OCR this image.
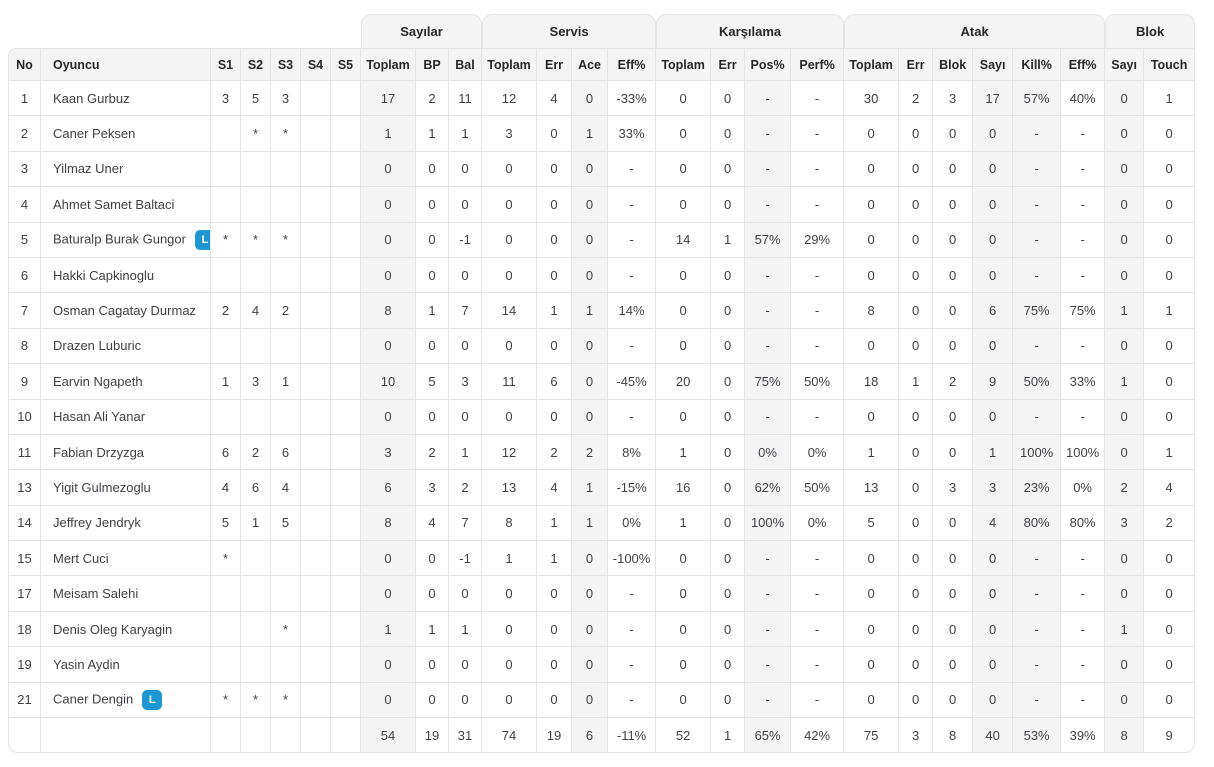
							Sayılar			Servis				Karşılama				Atak						Blok	
No	Oyuncu	S1	S2	S3	S4	S5	Toplam	BP	Bal	Toplam	Err	Ace	Eff%	Toplam	Err	Pos%	Perf%	Toplam	Err	Blok	Sayı	Kill%	Eff%	Sayı	Touch
1	Kaan Gurbuz	3	5	3			17	2	11	12	4	0	-33%	0	0	-	-	30	2	3	17	57%	40%	0	1
2	Caner Peksen		*	*			1	1	1	3	0	1	33%	0	0	-	-	0	0	0	0	-	-	0	0
3	Yilmaz Uner						0	0	0	0	0	0	-	0	0	-	-	0	0	0	0	-	-	0	0
4	Ahmet Samet Baltaci						0	0	0	0	0	0	-	0	0	-	-	0	0	0	0	-	-	0	0
5	Baturalp Burak Gungor L	*	*	*			0	0	-1	0	0	0	-	14	1	57%	29%	0	0	0	0	-	-	0	0
6	Hakki Capkinoglu						0	0	0	0	0	0	-	0	0	-	-	0	0	0	0	-	-	0	0
7	Osman Cagatay Durmaz	2	4	2			8	1	7	14	1	1	14%	0	0	-	-	8	0	0	6	75%	75%	1	1
8	Drazen Luburic						0	0	0	0	0	0	-	0	0	-	-	0	0	0	0	-	-	0	0
9	Earvin Ngapeth	1	3	1			10	5	3	11	6	0	-45%	20	0	75%	50%	18	1	2	9	50%	33%	1	0
10	Hasan Ali Yanar						0	0	0	0	0	0	-	0	0	-	-	0	0	0	0	-	-	0	0
11	Fabian Drzyzga	6	2	6			3	2	1	12	2	2	8%	1	0	0%	0%	1	0	0	1	100%	100%	0	1
13	Yigit Gulmezoglu	4	6	4			6	3	2	13	4	1	-15%	16	0	62%	50%	13	0	3	3	23%	0%	2	4
14	Jeffrey Jendryk	5	1	5			8	4	7	8	1	1	0%	1	0	100%	0%	5	0	0	4	80%	80%	3	2
15	Mert Cuci	*					0	0	-1	1	1	0	-100%	0	0	-	-	0	0	0	0	-	-	0	0
17	Meisam Salehi						0	0	0	0	0	0	-	0	0	-	-	0	0	0	0	-	-	0	0
18	Denis Oleg Karyagin			*			1	1	1	0	0	0	-	0	0	-	-	0	0	0	0	-	-	1	0
19	Yasin Aydin						0	0	0	0	0	0	-	0	0	-	-	0	0	0	0	-	-	0	0
21	Caner Dengin L	*	*	*			0	0	0	0	0	0	-	0	0	-	-	0	0	0	0	-	-	0	0
							54	19	31	74	19	6	-11%	52	1	65%	42%	75	3	8	40	53%	39%	8	9
